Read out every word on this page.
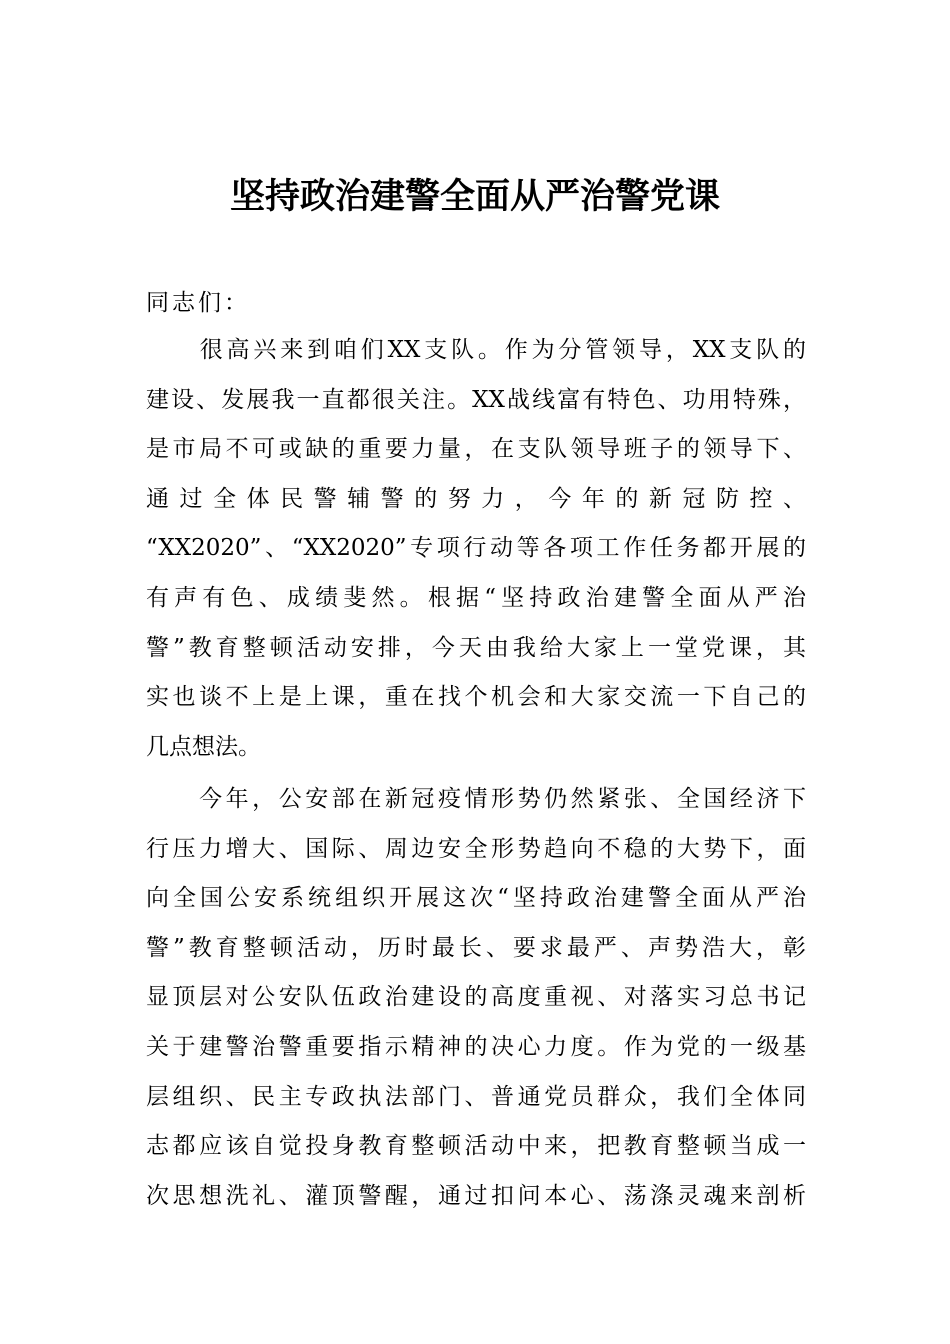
坚持政治建警全面从严治警党课
同志们：
　　很高兴来到咱们XX支队。作为分管领导，XX支队的
建设、发展我一直都很关注。XX战线富有特色、功用特殊，
是市局不可或缺的重要力量，在支队领导班子的领导下、
通过全体民警辅警的努力，今年的新冠防控、
“XX2020”、“XX2020”专项行动等各项工作任务都开展的
有声有色、成绩斐然。根据“坚持政治建警全面从严治
警”教育整顿活动安排，今天由我给大家上一堂党课，其
实也谈不上是上课，重在找个机会和大家交流一下自己的
几点想法。
　　今年，公安部在新冠疫情形势仍然紧张、全国经济下
行压力增大、国际、周边安全形势趋向不稳的大势下，面
向全国公安系统组织开展这次“坚持政治建警全面从严治
警”教育整顿活动，历时最长、要求最严、声势浩大，彰
显顶层对公安队伍政治建设的高度重视、对落实习总书记
关于建警治警重要指示精神的决心力度。作为党的一级基
层组织、民主专政执法部门、普通党员群众，我们全体同
志都应该自觉投身教育整顿活动中来，把教育整顿当成一
次思想洗礼、灌顶警醒，通过扣问本心、荡涤灵魂来剖析
